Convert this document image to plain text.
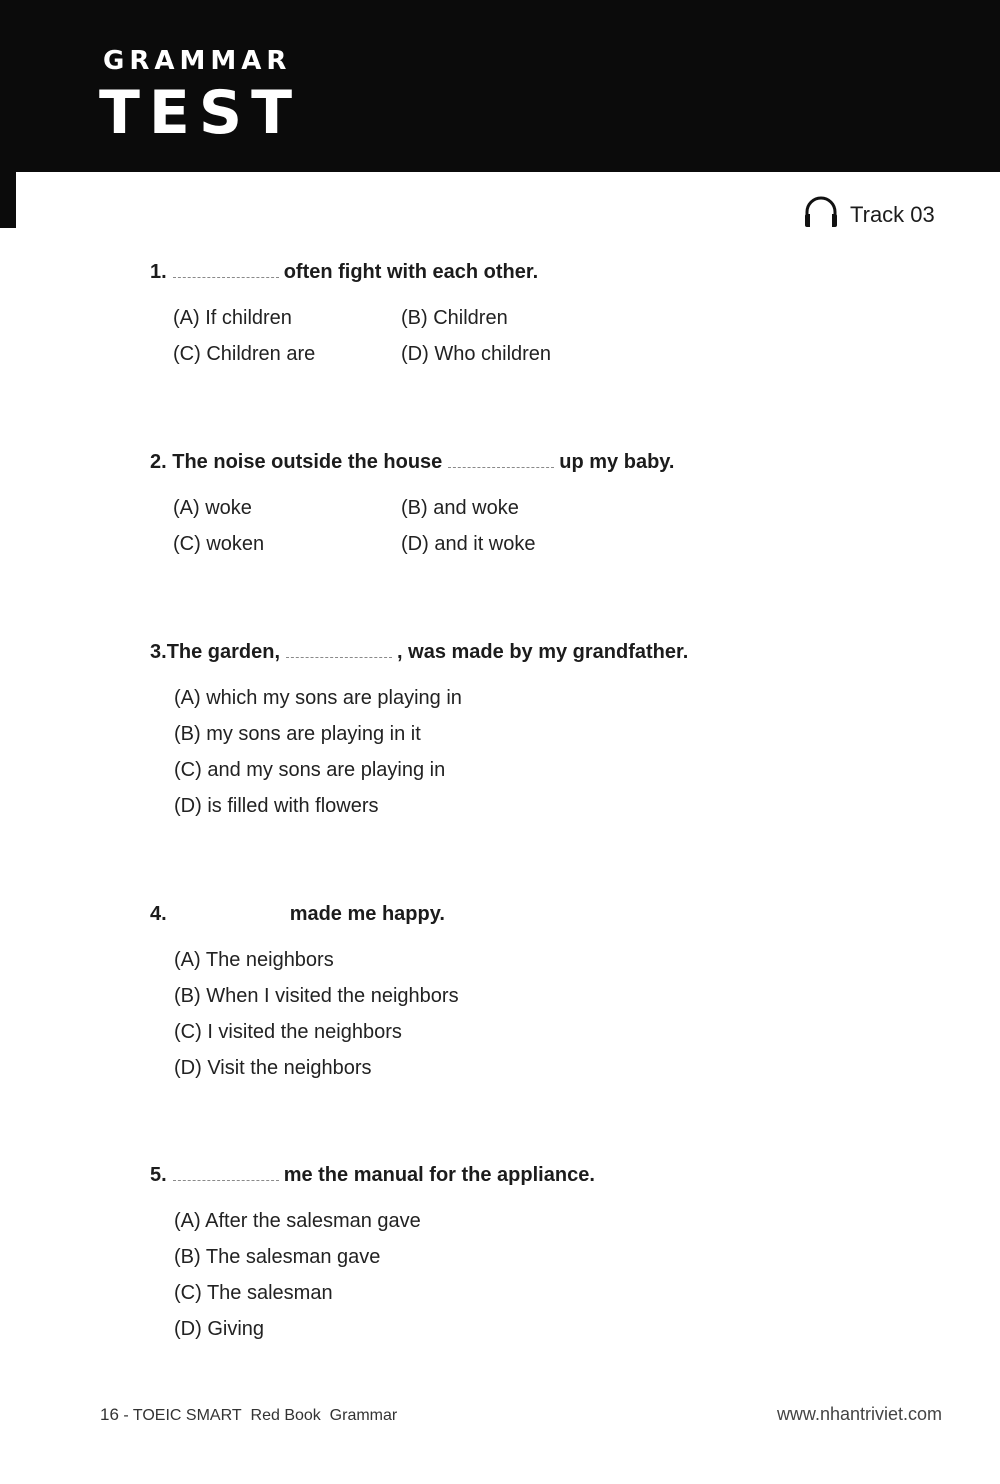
GRAMMAR
TEST
Track 03
1.	often fight with each other.
(A) If children	(B) Children
(C) Children are	(D) Who children
2. The noise outside the house	up my baby.
(A) woke	(B) and woke
(C) woken	(D) and it woke
3.The garden,	, was made by my grandfather.
(A) which my sons are playing in
(B) my sons are playing in it
(C) and my sons are playing in
(D) is filled with flowers
4.	made me happy.
(A) The neighbors
(B) When I visited the neighbors
(C) I visited the neighbors
(D) Visit the neighbors
5.	me the manual for the appliance.
(A) After the salesman gave
(B) The salesman gave
(C) The salesman
(D) Giving
16 - TOEIC SMART Red Book Grammar	www.nhantriviet.com
